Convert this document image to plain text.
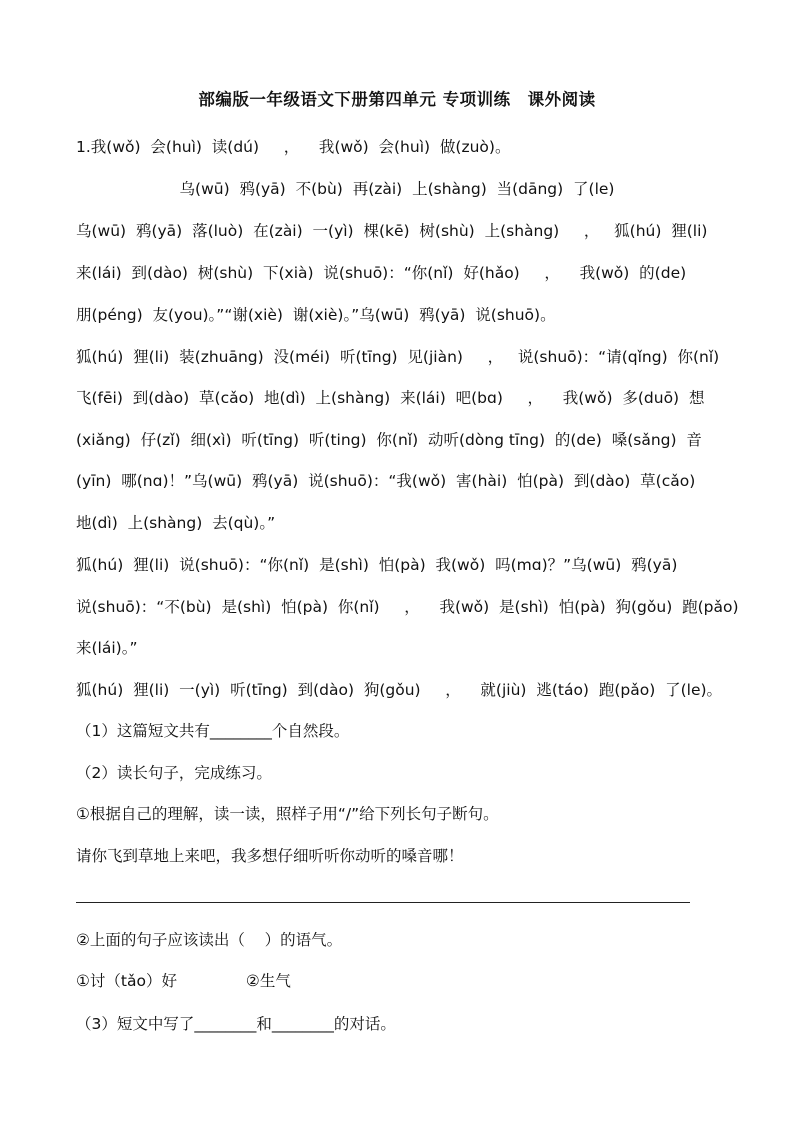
部编版一年级语文下册第四单元 专项训练　课外阅读
1.我(wǒ)  会(huì)  读(dú)     ，    我(wǒ)  会(huì)  做(zuò)。
乌(wū)  鸦(yā)  不(bù)  再(zài)  上(shàng)  当(dāng)  了(le)
乌(wū)  鸦(yā)  落(luò)  在(zài)  一(yì)  棵(kē)  树(shù)  上(shàng)     ，   狐(hú)  狸(li)
来(lái)  到(dào)  树(shù)  下(xià)  说(shuō)：“你(nǐ)  好(hǎo)     ，    我(wǒ)  的(de)
朋(péng)  友(you)。”“谢(xiè)  谢(xiè)。”乌(wū)  鸦(yā)  说(shuō)。
狐(hú)  狸(li)  装(zhuāng)  没(méi)  听(tīng)  见(jiàn)     ，   说(shuō)：“请(qǐng)  你(nǐ)
飞(fēi)  到(dào)  草(cǎo)  地(dì)  上(shàng)  来(lái)  吧(bɑ)     ，    我(wǒ)  多(duō)  想
(xiǎng)  仔(zǐ)  细(xì)  听(tīng)  听(ting)  你(nǐ)  动听(dòng tīng)  的(de)  嗓(sǎng)  音
(yīn)  哪(nɑ)！”乌(wū)  鸦(yā)  说(shuō)：“我(wǒ)  害(hài)  怕(pà)  到(dào)  草(cǎo)
地(dì)  上(shàng)  去(qù)。”
狐(hú)  狸(li)  说(shuō)：“你(nǐ)  是(shì)  怕(pà)  我(wǒ)  吗(mɑ)？”乌(wū)  鸦(yā)
说(shuō)：“不(bù)  是(shì)  怕(pà)  你(nǐ)     ，    我(wǒ)  是(shì)  怕(pà)  狗(gǒu)  跑(pǎo)
来(lái)。”
狐(hú)  狸(li)  一(yì)  听(tīng)  到(dào)  狗(gǒu)     ，    就(jiù)  逃(táo)  跑(pǎo)  了(le)。
（1）这篇短文共有________个自然段。
（2）读长句子，完成练习。
①根据自己的理解，读一读，照样子用“/”给下列长句子断句。
请你飞到草地上来吧，我多想仔细听听你动听的嗓音哪！
②上面的句子应该读出（    ）的语气。
①讨（tǎo）好              ②生气
（3）短文中写了________和________的对话。
